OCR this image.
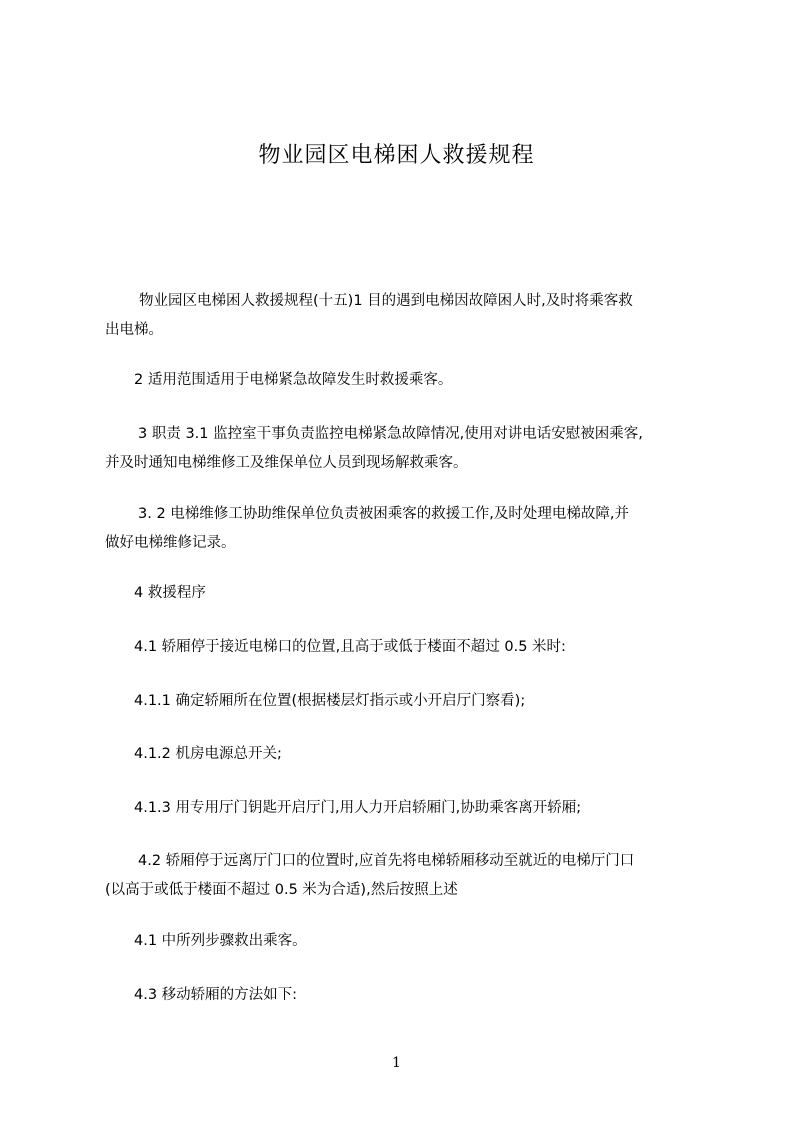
物业园区电梯困人救援规程
物业园区电梯困人救援规程(十五)1 目的遇到电梯因故障困人时,及时将乘客救
出电梯。
2 适用范围适用于电梯紧急故障发生时救援乘客。
3 职责 3.1 监控室干事负责监控电梯紧急故障情况,使用对讲电话安慰被困乘客,
并及时通知电梯维修工及维保单位人员到现场解救乘客。
3. 2 电梯维修工协助维保单位负责被困乘客的救援工作,及时处理电梯故障,并
做好电梯维修记录。
4 救援程序
4.1 轿厢停于接近电梯口的位置,且高于或低于楼面不超过 0.5 米时:
4.1.1 确定轿厢所在位置(根据楼层灯指示或小开启厅门察看);
4.1.2 机房电源总开关;
4.1.3 用专用厅门钥匙开启厅门,用人力开启轿厢门,协助乘客离开轿厢;
4.2 轿厢停于远离厅门口的位置时,应首先将电梯轿厢移动至就近的电梯厅门口
(以高于或低于楼面不超过 0.5 米为合适),然后按照上述
4.1 中所列步骤救出乘客。
4.3 移动轿厢的方法如下:
1
